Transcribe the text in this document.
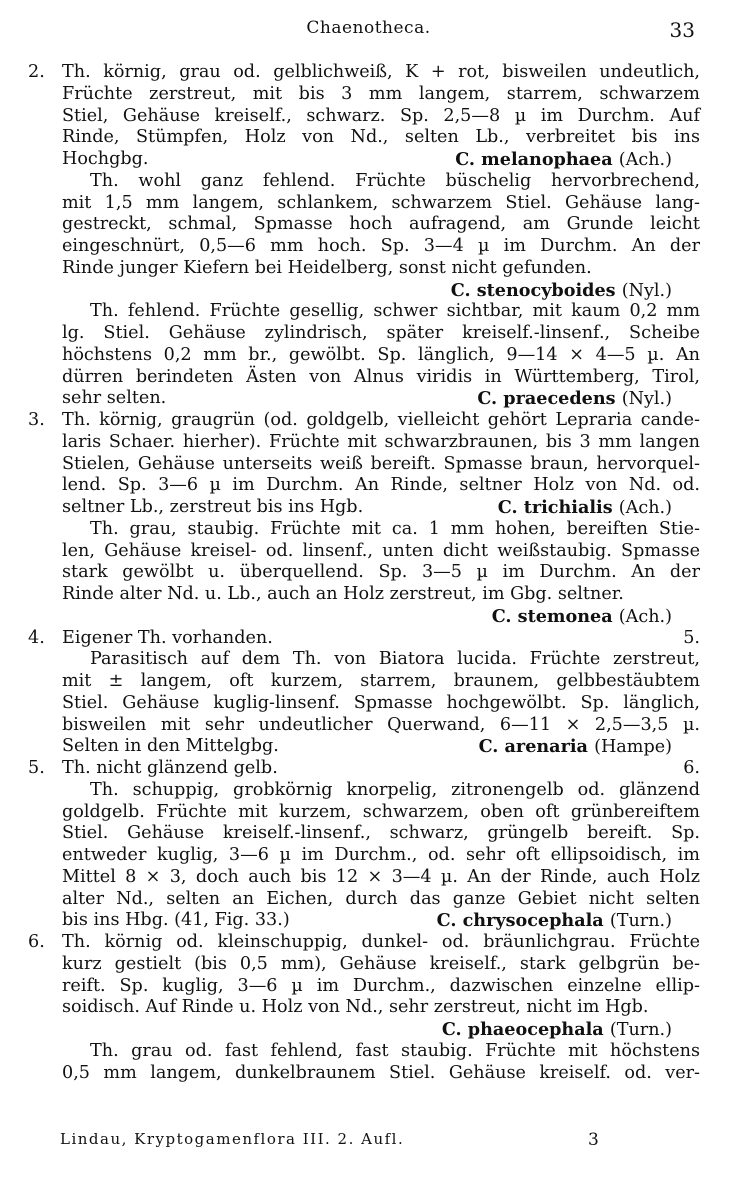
Chaenotheca.	33
2. Th. körnig, grau od. gelblichweiß, K + rot, bisweilen undeutlich,
Früchte zerstreut, mit bis 3 mm langem, starrem, schwarzem
Stiel, Gehäuse kreiself., schwarz. Sp. 2,5—8 µ im Durchm. Auf
Rinde, Stümpfen, Holz von Nd., selten Lb., verbreitet bis ins
Hochgbg.	C. melanophaea (Ach.)
Th. wohl ganz fehlend. Früchte büschelig hervorbrechend,
mit 1,5 mm langem, schlankem, schwarzem Stiel. Gehäuse lang-
gestreckt, schmal, Spmasse hoch aufragend, am Grunde leicht
eingeschnürt, 0,5—6 mm hoch. Sp. 3—4 µ im Durchm. An der
Rinde junger Kiefern bei Heidelberg, sonst nicht gefunden.
C. stenocyboides (Nyl.)
Th. fehlend. Früchte gesellig, schwer sichtbar, mit kaum 0,2 mm
lg. Stiel. Gehäuse zylindrisch, später kreiself.-linsenf., Scheibe
höchstens 0,2 mm br., gewölbt. Sp. länglich, 9—14 × 4—5 µ. An
dürren berindeten Ästen von Alnus viridis in Württemberg, Tirol,
sehr selten.	C. praecedens (Nyl.)
3. Th. körnig, graugrün (od. goldgelb, vielleicht gehört Lepraria cande-
laris Schaer. hierher). Früchte mit schwarzbraunen, bis 3 mm langen
Stielen, Gehäuse unterseits weiß bereift. Spmasse braun, hervorquel-
lend. Sp. 3—6 µ im Durchm. An Rinde, seltner Holz von Nd. od.
seltner Lb., zerstreut bis ins Hgb.	C. trichialis (Ach.)
Th. grau, staubig. Früchte mit ca. 1 mm hohen, bereiften Stie-
len, Gehäuse kreisel- od. linsenf., unten dicht weißstaubig. Spmasse
stark gewölbt u. überquellend. Sp. 3—5 µ im Durchm. An der
Rinde alter Nd. u. Lb., auch an Holz zerstreut, im Gbg. seltner.
C. stemonea (Ach.)
4. Eigener Th. vorhanden.	5.
Parasitisch auf dem Th. von Biatora lucida. Früchte zerstreut,
mit ± langem, oft kurzem, starrem, braunem, gelbbestäubtem
Stiel. Gehäuse kuglig-linsenf. Spmasse hochgewölbt. Sp. länglich,
bisweilen mit sehr undeutlicher Querwand, 6—11 × 2,5—3,5 µ.
Selten in den Mittelgbg.	C. arenaria (Hampe)
5. Th. nicht glänzend gelb.	6.
Th. schuppig, grobkörnig knorpelig, zitronengelb od. glänzend
goldgelb. Früchte mit kurzem, schwarzem, oben oft grünbereiftem
Stiel. Gehäuse kreiself.-linsenf., schwarz, grüngelb bereift. Sp.
entweder kuglig, 3—6 µ im Durchm., od. sehr oft ellipsoidisch, im
Mittel 8 × 3, doch auch bis 12 × 3—4 µ. An der Rinde, auch Holz
alter Nd., selten an Eichen, durch das ganze Gebiet nicht selten
bis ins Hbg. (41, Fig. 33.)	C. chrysocephala (Turn.)
6. Th. körnig od. kleinschuppig, dunkel- od. bräunlichgrau. Früchte
kurz gestielt (bis 0,5 mm), Gehäuse kreiself., stark gelbgrün be-
reift. Sp. kuglig, 3—6 µ im Durchm., dazwischen einzelne ellip-
soidisch. Auf Rinde u. Holz von Nd., sehr zerstreut, nicht im Hgb.
C. phaeocephala (Turn.)
Th. grau od. fast fehlend, fast staubig. Früchte mit höchstens
0,5 mm langem, dunkelbraunem Stiel. Gehäuse kreiself. od. ver-
Lindau, Kryptogamenflora III. 2. Aufl.	3
